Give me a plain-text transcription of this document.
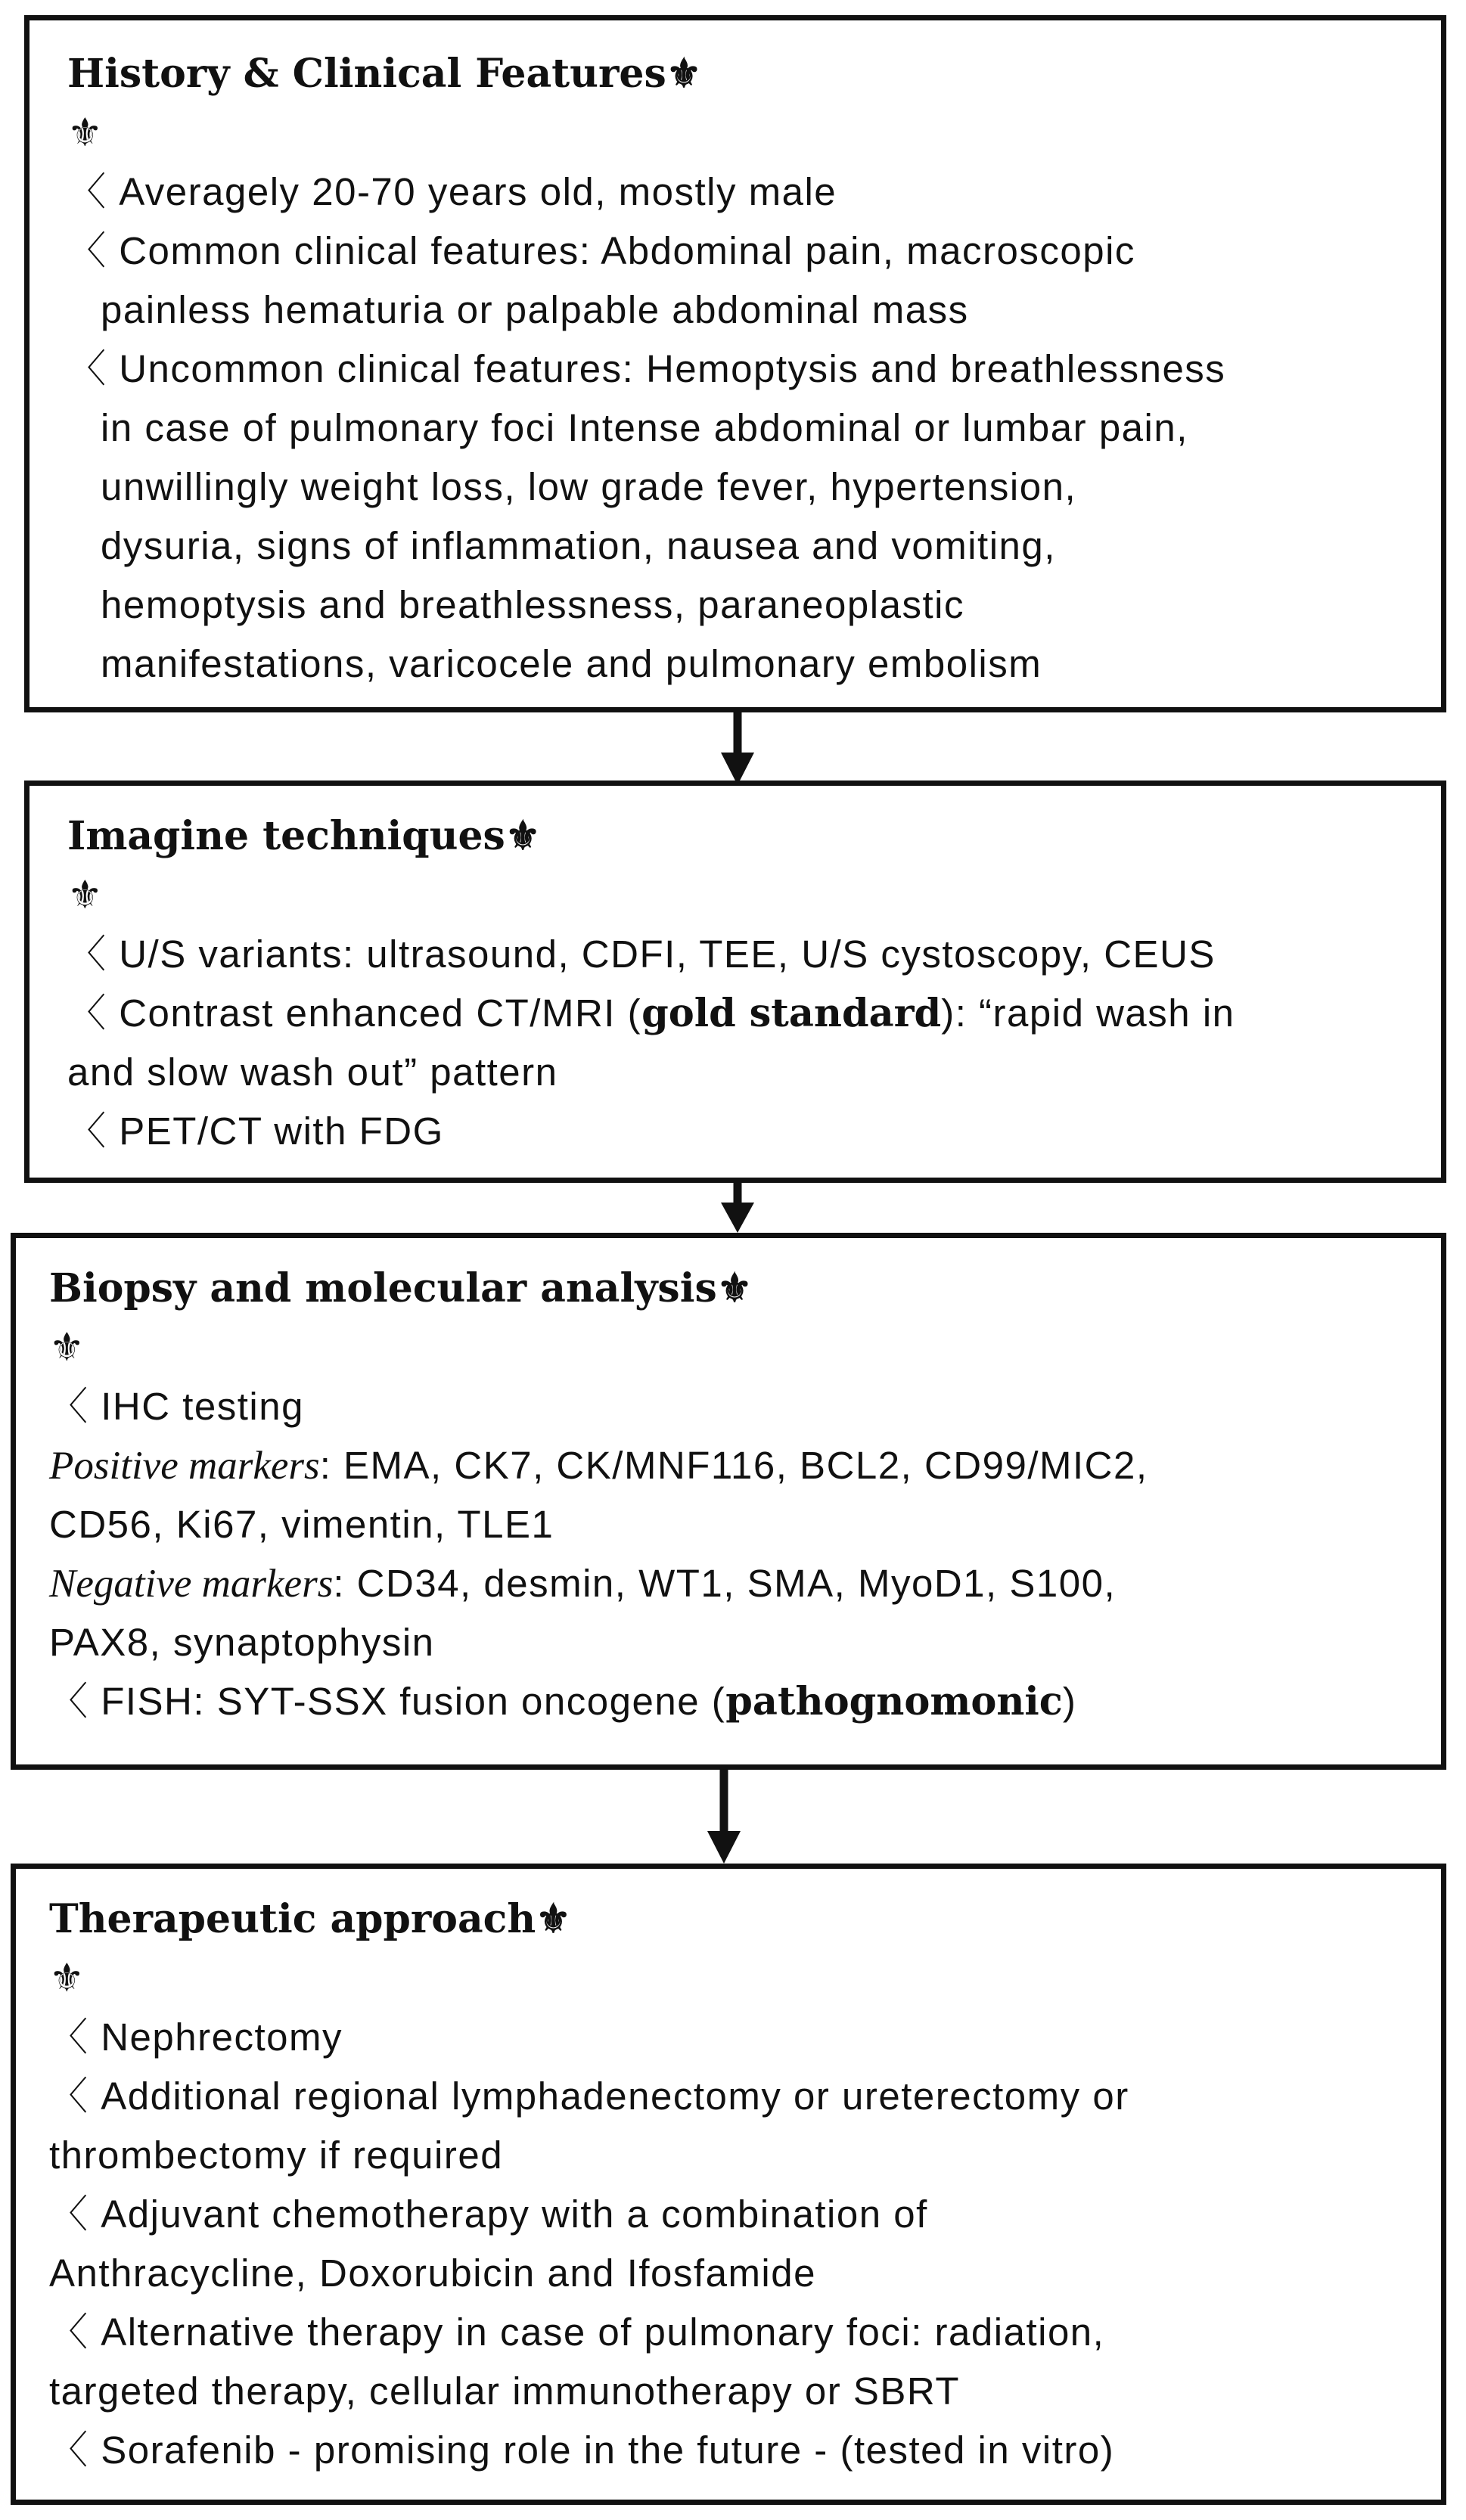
History & Clinical Features⚜
⚜
〈 Averagely 20-70 years old, mostly male
〈 Common clinical features: Abdominal pain, macroscopic
painless hematuria or palpable abdominal mass
〈 Uncommon clinical features: Hemoptysis and breathlessness
in case of pulmonary foci Intense abdominal or lumbar pain,
unwillingly weight loss, low grade fever, hypertension,
dysuria, signs of inflammation, nausea and vomiting,
hemoptysis and breathlessness, paraneoplastic
manifestations, varicocele and pulmonary embolism
Imagine techniques⚜
⚜
〈 U/S variants: ultrasound, CDFI, TEE, U/S cystoscopy, CEUS
〈 Contrast enhanced CT/MRI (gold standard): “rapid wash in
and slow wash out” pattern
〈 PET/CT with FDG
Biopsy and molecular analysis⚜
⚜
〈 IHC testing
Positive markers: EMA, CK7, CK/MNF116, BCL2, CD99/MIC2,
CD56, Ki67, vimentin, TLE1
Negative markers: CD34, desmin, WT1, SMA, MyoD1, S100,
PAX8, synaptophysin
〈 FISH: SYT-SSX fusion oncogene (pathognomonic)
Therapeutic approach⚜
⚜
〈 Nephrectomy
〈 Additional regional lymphadenectomy or ureterectomy or
thrombectomy if required
〈 Adjuvant chemotherapy with a combination of
Anthracycline, Doxorubicin and Ifosfamide
〈 Alternative therapy in case of pulmonary foci: radiation,
targeted therapy, cellular immunotherapy or SBRT
〈 Sorafenib - promising role in the future - (tested in vitro)
